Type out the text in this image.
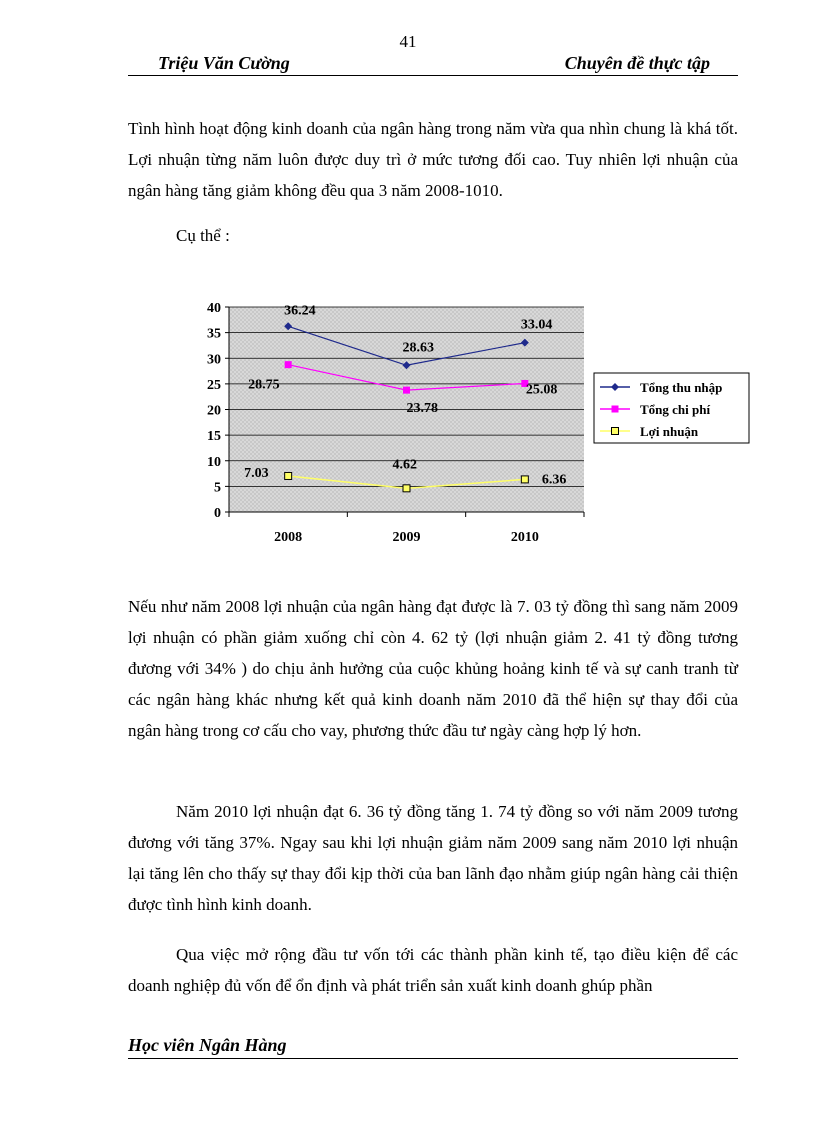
41
Triệu Văn Cường	Chuyên đề thực tập
Tình hình hoạt động kinh doanh của ngân hàng trong năm vừa qua nhìn chung là khá tốt. Lợi nhuận từng năm luôn được duy trì ở mức tương đối cao. Tuy nhiên lợi nhuận của ngân hàng tăng giảm không đều qua 3 năm 2008-1010.
Cụ thể :
0
5
10
15
20
25
30
35
40
2008	2009	2010
36.24
28.63
33.04
28.75
23.78
25.08
7.03
4.62
6.36
Tổng thu nhập
Tổng chi phí
Lợi nhuận
Nếu như năm 2008 lợi nhuận của ngân hàng đạt được là 7. 03 tỷ đồng thì sang năm 2009 lợi nhuận có phần giảm xuống chỉ còn 4. 62 tỷ (lợi nhuận giảm 2. 41 tỷ đồng tương đương với 34% ) do chịu ảnh hưởng của cuộc khủng hoảng kinh tế và sự canh tranh từ các ngân hàng khác nhưng kết quả kinh doanh năm 2010 đã thể hiện sự thay đổi của ngân hàng trong cơ cấu cho vay, phương thức đầu tư ngày càng hợp lý hơn.
Năm 2010 lợi nhuận đạt 6. 36 tỷ đồng tăng 1. 74 tỷ đồng so với năm 2009 tương đương với tăng 37%. Ngay sau khi lợi nhuận giảm năm 2009 sang năm 2010 lợi nhuận lại tăng lên cho thấy sự thay đổi kịp thời của ban lãnh đạo nhằm giúp ngân hàng cải thiện được tình hình kinh doanh.
Qua việc mở rộng đầu tư vốn tới các thành phần kinh tế, tạo điều kiện để các doanh nghiệp đủ vốn để ổn định và phát triển sản xuất kinh doanh ghúp phần
Học viên Ngân Hàng
